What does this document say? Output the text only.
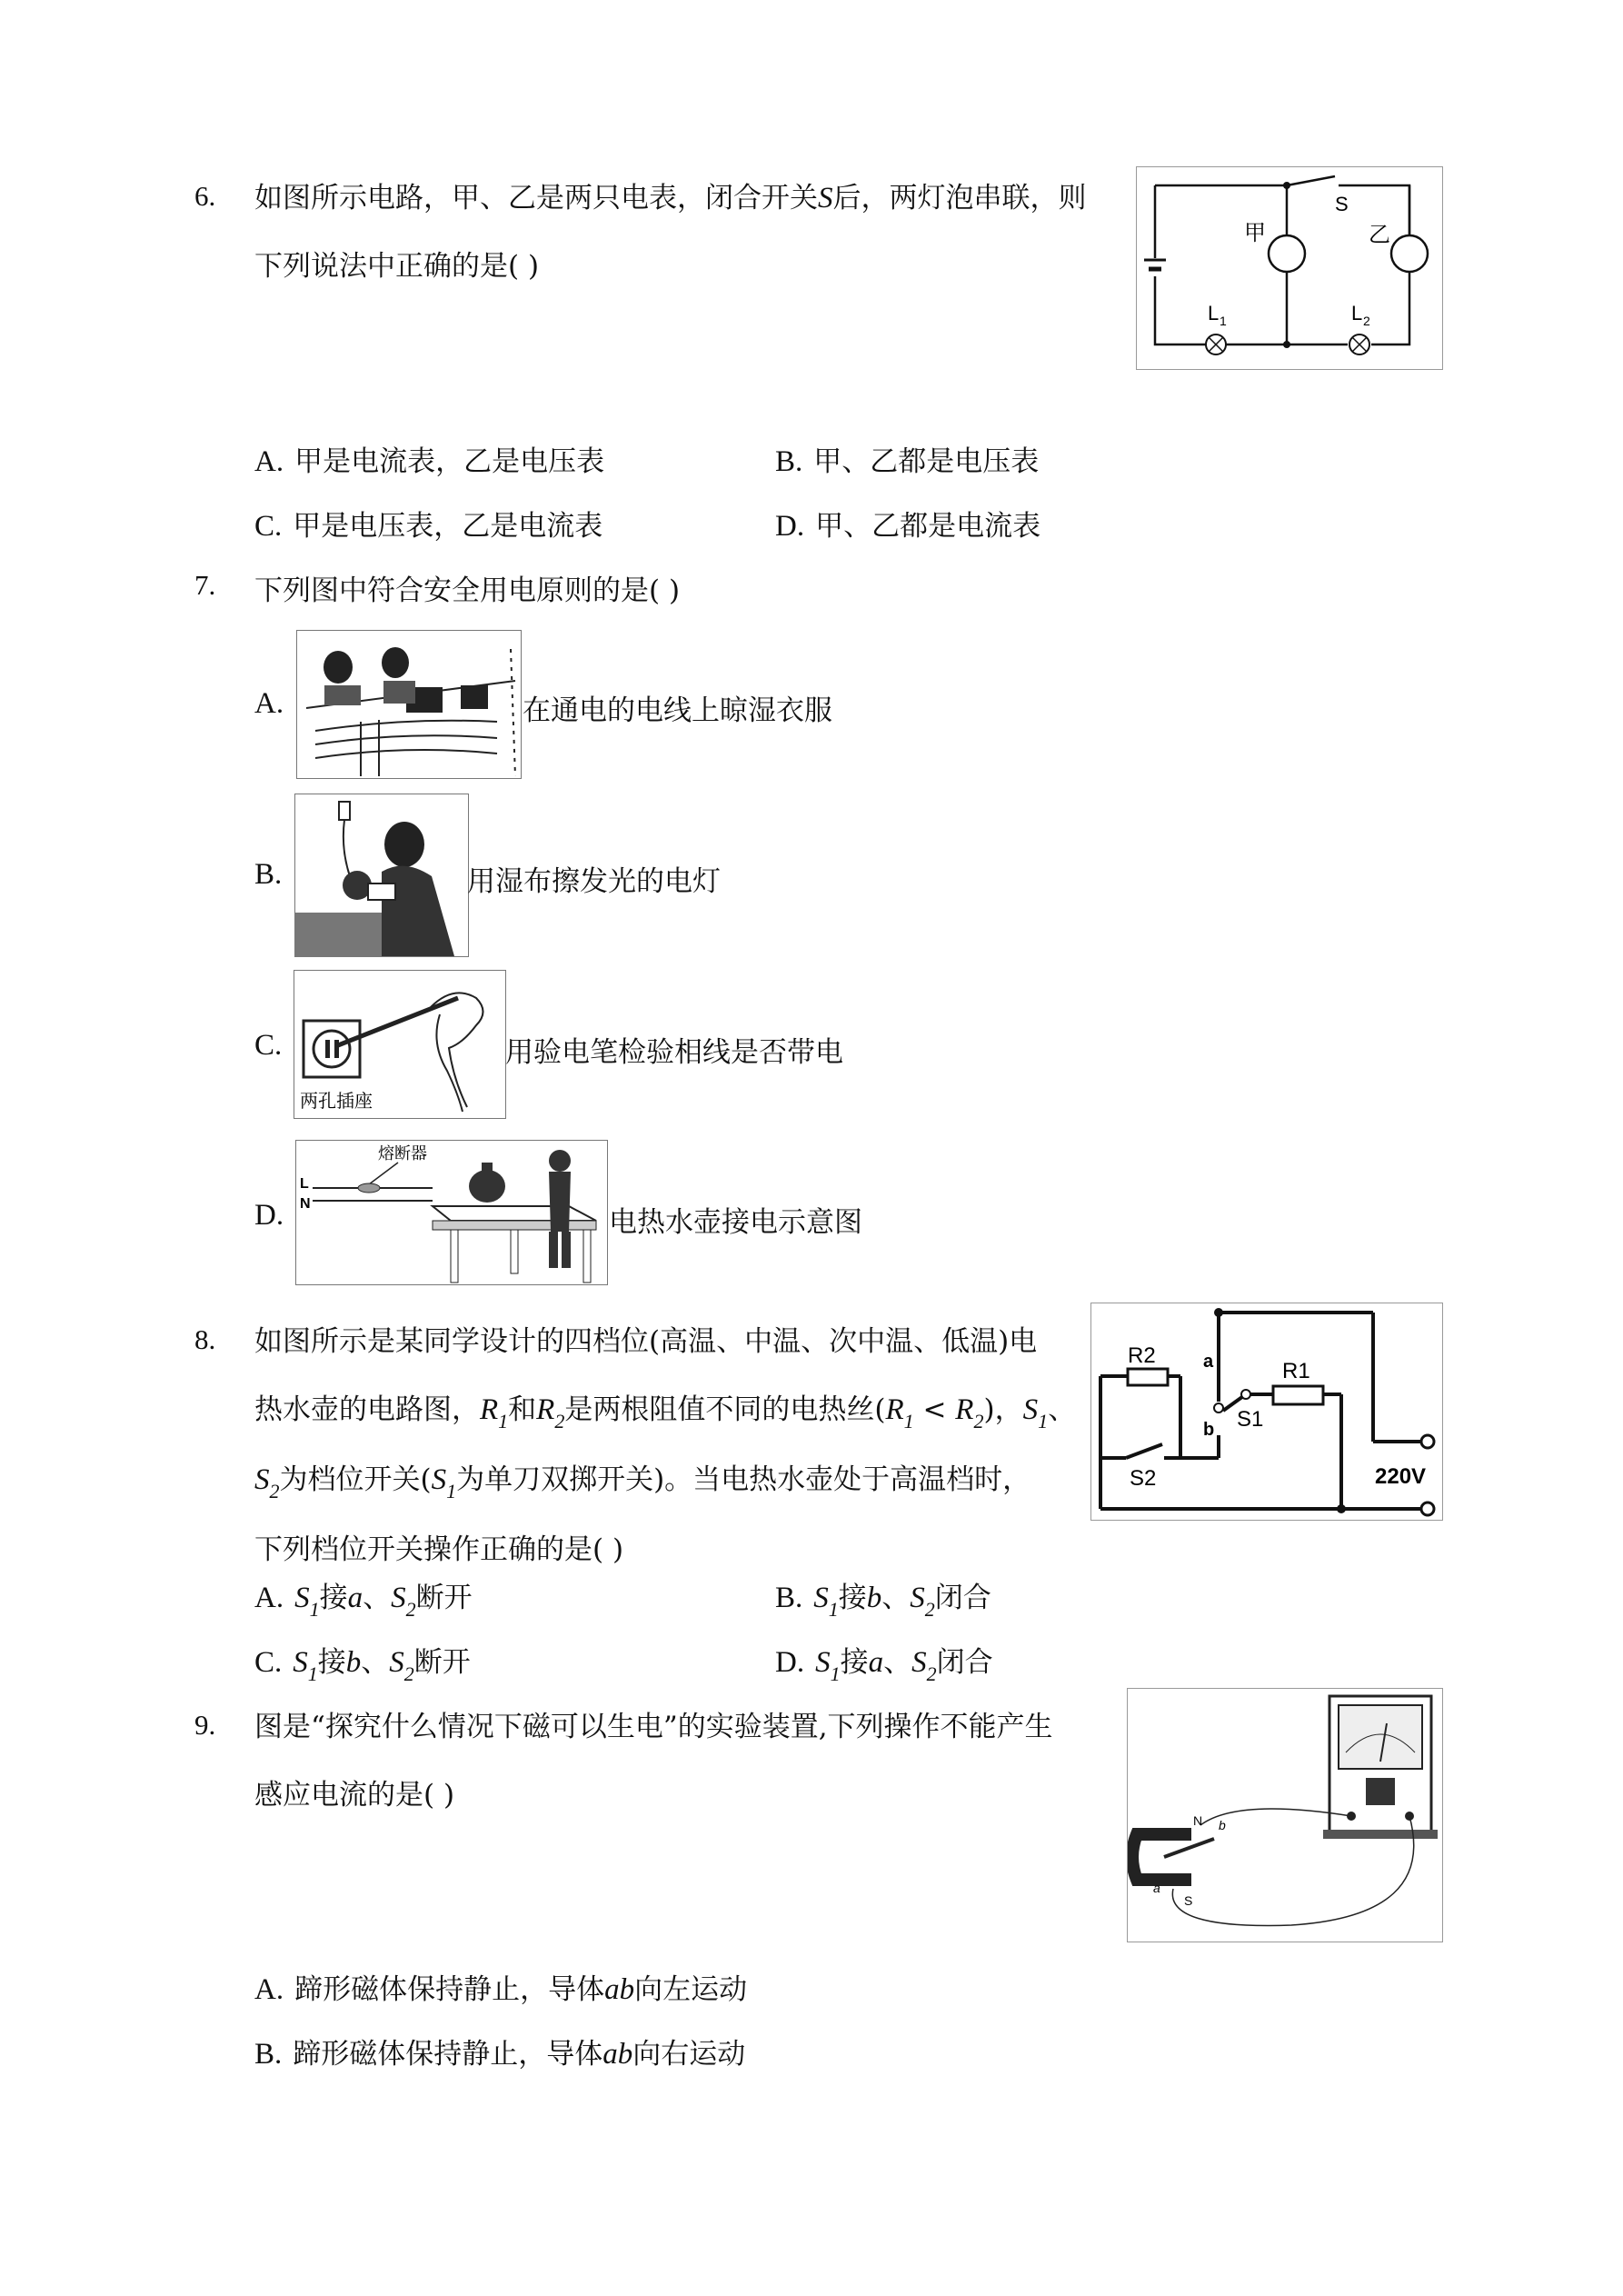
6. 如图所示电路，甲、乙是两只电表，闭合开关S后，两灯泡串联，则
下列说法中正确的是( )
甲	乙
S
L 1	L 2
A. 甲是电流表，乙是电压表	B. 甲、乙都是电压表
C. 甲是电压表，乙是电流表	D. 甲、乙都是电流表
7. 下列图中符合安全用电原则的是( )
A.	在通电的电线上晾湿衣服
B.	用湿布擦发光的电灯
C.
两孔插座
用验电笔检验相线是否带电
D.
熔断器
L
N
电热水壶接电示意图
8. 如图所示是某同学设计的四档位(高温、中温、次中温、低温)电
热水壶的电路图，$R_1$和$R_2$是两根阻值不同的电热丝$(R_1 < R_2)$，$S_1$、
$S_2$为档位开关($S_1$为单刀双掷开关)。当电热水壶处于高温档时，
下列档位开关操作正确的是( )
R2
R1
a
b S1
S2	220V
A. $S_1$接a、$S_2$断开	B. $S_1$接b、$S_2$闭合
C. $S_1$接b、$S_2$断开	D. $S_1$接a、$S_2$闭合
9. 图是“探究什么情况下磁可以生电”的实验装置,下列操作不能产生
感应电流的是( )
N
S
a
b
A. 蹄形磁体保持静止，导体ab向左运动
B. 蹄形磁体保持静止，导体ab向右运动
